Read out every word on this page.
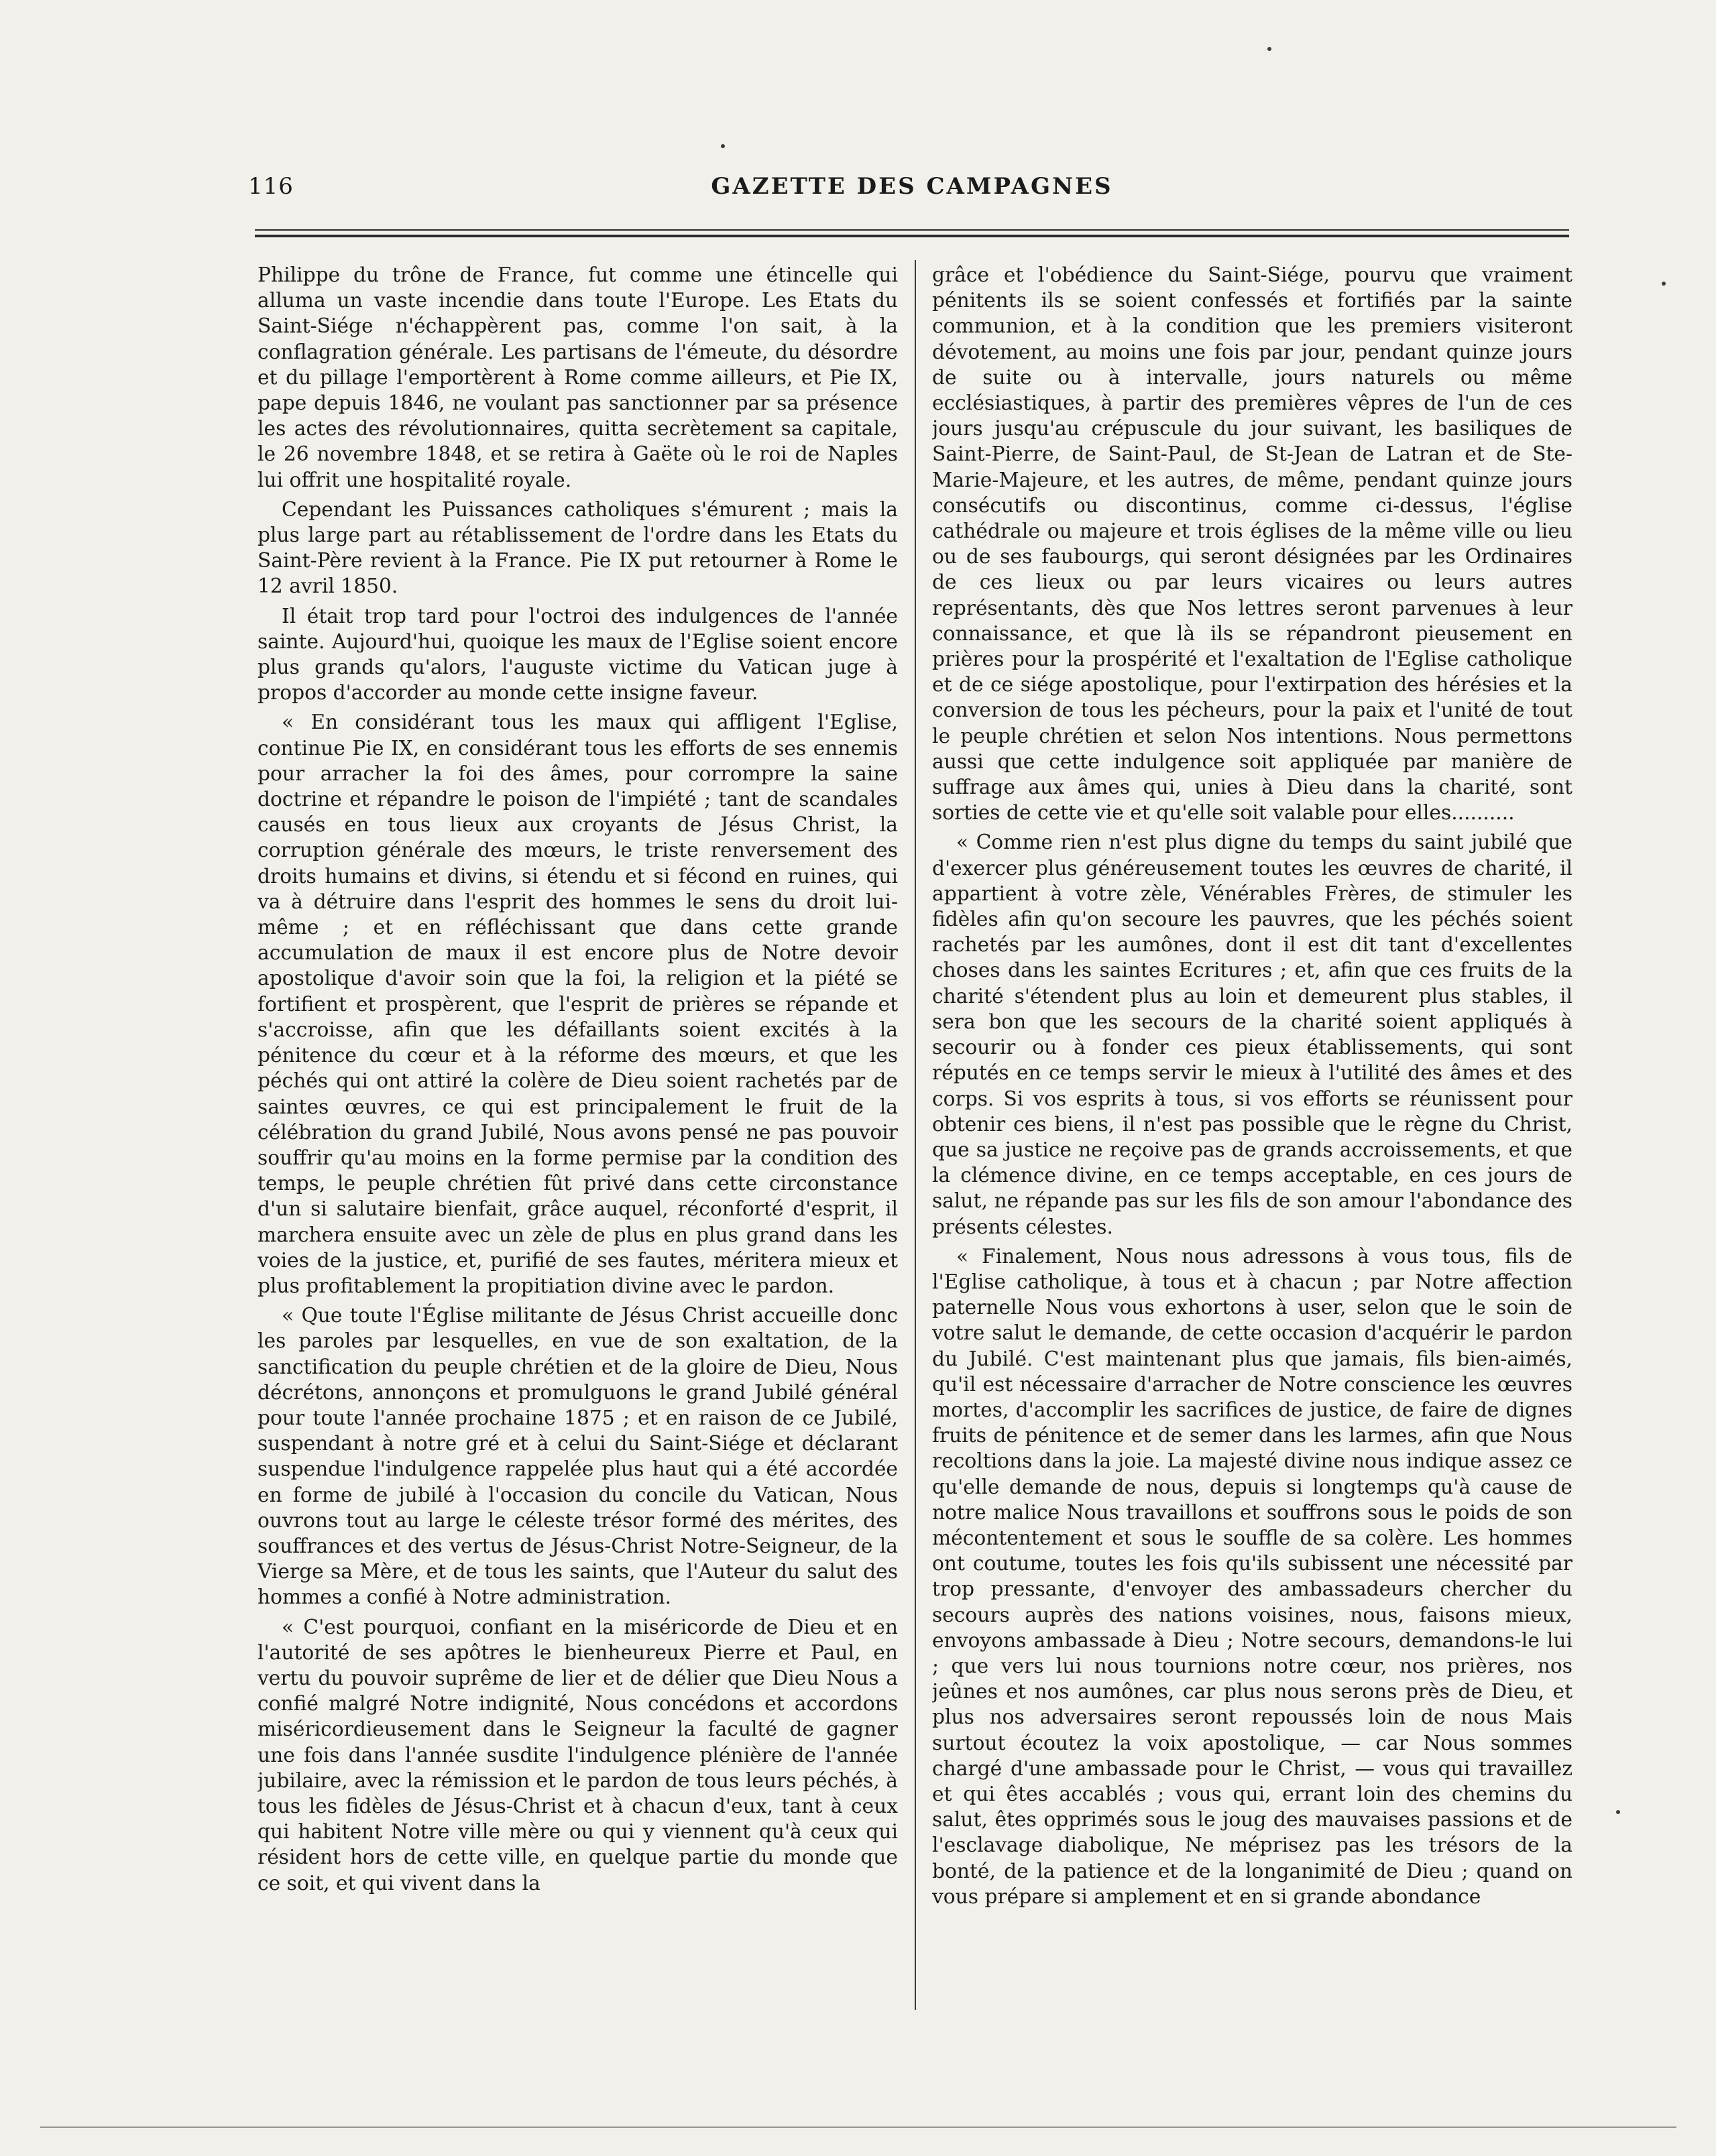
116	GAZETTE DES CAMPAGNES

Philippe du trône de France, fut comme une étincelle qui alluma un vaste incendie dans toute l'Europe. Les Etats du Saint-Siége n'échappèrent pas, comme l'on sait, à la conflagration générale. Les partisans de l'émeute, du désordre et du pillage l'emportèrent à Rome comme ailleurs, et Pie IX, pape depuis 1846, ne voulant pas sanctionner par sa présence les actes des révolutionnaires, quitta secrètement sa capitale, le 26 novembre 1848, et se retira à Gaëte où le roi de Naples lui offrit une hospitalité royale.

Cependant les Puissances catholiques s'émurent ; mais la plus large part au rétablissement de l'ordre dans les Etats du Saint-Père revient à la France. Pie IX put retourner à Rome le 12 avril 1850.

Il était trop tard pour l'octroi des indulgences de l'année sainte. Aujourd'hui, quoique les maux de l'Eglise soient encore plus grands qu'alors, l'auguste victime du Vatican juge à propos d'accorder au monde cette insigne faveur.

« En considérant tous les maux qui affligent l'Eglise, continue Pie IX, en considérant tous les efforts de ses ennemis pour arracher la foi des âmes, pour corrompre la saine doctrine et répandre le poison de l'impiété ; tant de scandales causés en tous lieux aux croyants de Jésus Christ, la corruption générale des mœurs, le triste renversement des droits humains et divins, si étendu et si fécond en ruines, qui va à détruire dans l'esprit des hommes le sens du droit lui-même ; et en réfléchissant que dans cette grande accumulation de maux il est encore plus de Notre devoir apostolique d'avoir soin que la foi, la religion et la piété se fortifient et prospèrent, que l'esprit de prières se répande et s'accroisse, afin que les défaillants soient excités à la pénitence du cœur et à la réforme des mœurs, et que les péchés qui ont attiré la colère de Dieu soient rachetés par de saintes œuvres, ce qui est principalement le fruit de la célébration du grand Jubilé, Nous avons pensé ne pas pouvoir souffrir qu'au moins en la forme permise par la condition des temps, le peuple chrétien fût privé dans cette circonstance d'un si salutaire bienfait, grâce auquel, réconforté d'esprit, il marchera ensuite avec un zèle de plus en plus grand dans les voies de la justice, et, purifié de ses fautes, méritera mieux et plus profitablement la propitiation divine avec le pardon.

« Que toute l'Église militante de Jésus Christ accueille donc les paroles par lesquelles, en vue de son exaltation, de la sanctification du peuple chrétien et de la gloire de Dieu, Nous décrétons, annonçons et promulguons le grand Jubilé général pour toute l'année prochaine 1875 ; et en raison de ce Jubilé, suspendant à notre gré et à celui du Saint-Siége et déclarant suspendue l'indulgence rappelée plus haut qui a été accordée en forme de jubilé à l'occasion du concile du Vatican, Nous ouvrons tout au large le céleste trésor formé des mérites, des souffrances et des vertus de Jésus-Christ Notre-Seigneur, de la Vierge sa Mère, et de tous les saints, que l'Auteur du salut des hommes a confié à Notre administration.

« C'est pourquoi, confiant en la miséricorde de Dieu et en l'autorité de ses apôtres le bienheureux Pierre et Paul, en vertu du pouvoir suprême de lier et de délier que Dieu Nous a confié malgré Notre indignité, Nous concédons et accordons miséricordieusement dans le Seigneur la faculté de gagner une fois dans l'année susdite l'indulgence plénière de l'année jubilaire, avec la rémission et le pardon de tous leurs péchés, à tous les fidèles de Jésus-Christ et à chacun d'eux, tant à ceux qui habitent Notre ville mère ou qui y viennent qu'à ceux qui résident hors de cette ville, en quelque partie du monde que ce soit, et qui vivent dans la

grâce et l'obédience du Saint-Siége, pourvu que vraiment pénitents ils se soient confessés et fortifiés par la sainte communion, et à la condition que les premiers visiteront dévotement, au moins une fois par jour, pendant quinze jours de suite ou à intervalle, jours naturels ou même ecclésiastiques, à partir des premières vêpres de l'un de ces jours jusqu'au crépuscule du jour suivant, les basiliques de Saint-Pierre, de Saint-Paul, de St-Jean de Latran et de Ste-Marie-Majeure, et les autres, de même, pendant quinze jours consécutifs ou discontinus, comme ci-dessus, l'église cathédrale ou majeure et trois églises de la même ville ou lieu ou de ses faubourgs, qui seront désignées par les Ordinaires de ces lieux ou par leurs vicaires ou leurs autres représentants, dès que Nos lettres seront parvenues à leur connaissance, et que là ils se répandront pieusement en prières pour la prospérité et l'exaltation de l'Eglise catholique et de ce siége apostolique, pour l'extirpation des hérésies et la conversion de tous les pécheurs, pour la paix et l'unité de tout le peuple chrétien et selon Nos intentions. Nous permettons aussi que cette indulgence soit appliquée par manière de suffrage aux âmes qui, unies à Dieu dans la charité, sont sorties de cette vie et qu'elle soit valable pour elles..........

« Comme rien n'est plus digne du temps du saint jubilé que d'exercer plus généreusement toutes les œuvres de charité, il appartient à votre zèle, Vénérables Frères, de stimuler les fidèles afin qu'on secoure les pauvres, que les péchés soient rachetés par les aumônes, dont il est dit tant d'excellentes choses dans les saintes Ecritures ; et, afin que ces fruits de la charité s'étendent plus au loin et demeurent plus stables, il sera bon que les secours de la charité soient appliqués à secourir ou à fonder ces pieux établissements, qui sont réputés en ce temps servir le mieux à l'utilité des âmes et des corps. Si vos esprits à tous, si vos efforts se réunissent pour obtenir ces biens, il n'est pas possible que le règne du Christ, que sa justice ne reçoive pas de grands accroissements, et que la clémence divine, en ce temps acceptable, en ces jours de salut, ne répande pas sur les fils de son amour l'abondance des présents célestes.

« Finalement, Nous nous adressons à vous tous, fils de l'Eglise catholique, à tous et à chacun ; par Notre affection paternelle Nous vous exhortons à user, selon que le soin de votre salut le demande, de cette occasion d'acquérir le pardon du Jubilé. C'est maintenant plus que jamais, fils bien-aimés, qu'il est nécessaire d'arracher de Notre conscience les œuvres mortes, d'accomplir les sacrifices de justice, de faire de dignes fruits de pénitence et de semer dans les larmes, afin que Nous recoltions dans la joie. La majesté divine nous indique assez ce qu'elle demande de nous, depuis si longtemps qu'à cause de notre malice Nous travaillons et souffrons sous le poids de son mécontentement et sous le souffle de sa colère. Les hommes ont coutume, toutes les fois qu'ils subissent une nécessité par trop pressante, d'envoyer des ambassadeurs chercher du secours auprès des nations voisines, nous, faisons mieux, envoyons ambassade à Dieu ; Notre secours, demandons-le lui ; que vers lui nous tournions notre cœur, nos prières, nos jeûnes et nos aumônes, car plus nous serons près de Dieu, et plus nos adversaires seront repoussés loin de nous Mais surtout écoutez la voix apostolique, — car Nous sommes chargé d'une ambassade pour le Christ, — vous qui travaillez et qui êtes accablés ; vous qui, errant loin des chemins du salut, êtes opprimés sous le joug des mauvaises passions et de l'esclavage diabolique, Ne méprisez pas les trésors de la bonté, de la patience et de la longanimité de Dieu ; quand on vous prépare si amplement et en si grande abondance
